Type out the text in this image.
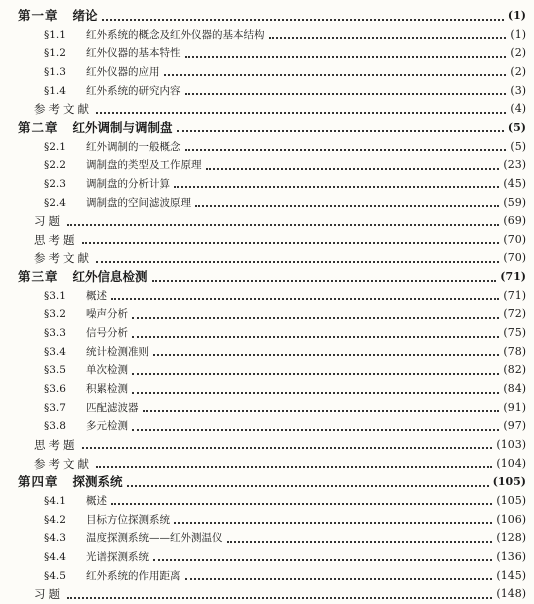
第一章 绪论	(1)
§1.1	红外系统的概念及红外仪器的基本结构	(1)
§1.2	红外仪器的基本特性	(2)
§1.3	红外仪器的应用	(2)
§1.4	红外系统的研究内容	(3)
参考文献	(4)
第二章 红外调制与调制盘	(5)
§2.1	红外调制的一般概念	(5)
§2.2	调制盘的类型及工作原理	(23)
§2.3	调制盘的分析计算	(45)
§2.4	调制盘的空间滤波原理	(59)
习题	(69)
思考题	(70)
参考文献	(70)
第三章 红外信息检测	(71)
§3.1	概述	(71)
§3.2	噪声分析	(72)
§3.3	信号分析	(75)
§3.4	统计检测准则	(78)
§3.5	单次检测	(82)
§3.6	积累检测	(84)
§3.7	匹配滤波器	(91)
§3.8	多元检测	(97)
思考题	(103)
参考文献	(104)
第四章 探测系统	(105)
§4.1	概述	(105)
§4.2	目标方位探测系统	(106)
§4.3	温度探测系统——红外测温仪	(128)
§4.4	光谱探测系统	(136)
§4.5	红外系统的作用距离	(145)
习题	(148)
